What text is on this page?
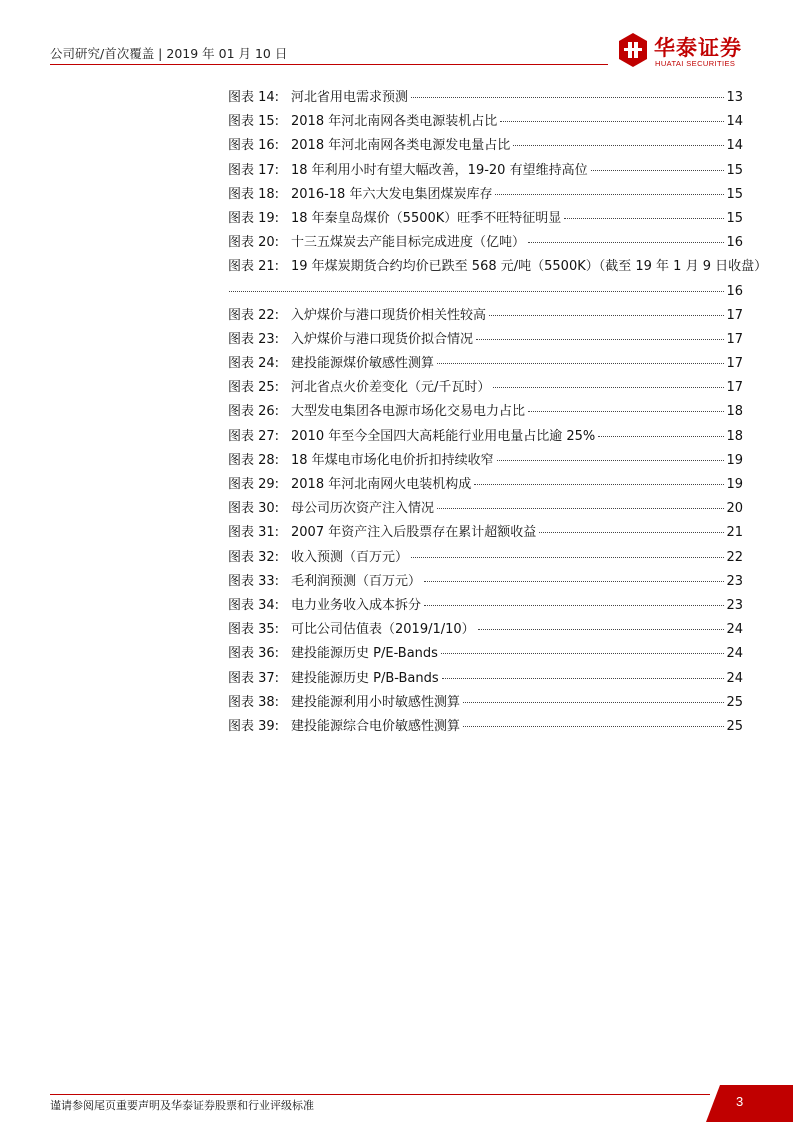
公司研究/首次覆盖 | 2019 年 01 月 10 日	华泰证券
HUATAI SECURITIES
图表 14: 河北省用电需求预测	13
图表 15: 2018 年河北南网各类电源装机占比	14
图表 16: 2018 年河北南网各类电源发电量占比	14
图表 17: 18 年利用小时有望大幅改善，19-20 有望维持高位	15
图表 18: 2016-18 年六大发电集团煤炭库存	15
图表 19: 18 年秦皇岛煤价（5500K）旺季不旺特征明显	15
图表 20: 十三五煤炭去产能目标完成进度（亿吨）	16
图表 21: 19 年煤炭期货合约均价已跌至 568 元/吨（5500K）（截至 19 年 1 月 9 日收盘）
16
图表 22: 入炉煤价与港口现货价相关性较高	17
图表 23: 入炉煤价与港口现货价拟合情况	17
图表 24: 建投能源煤价敏感性测算	17
图表 25: 河北省点火价差变化（元/千瓦时）	17
图表 26: 大型发电集团各电源市场化交易电力占比	18
图表 27: 2010 年至今全国四大高耗能行业用电量占比逾 25%	18
图表 28: 18 年煤电市场化电价折扣持续收窄	19
图表 29: 2018 年河北南网火电装机构成	19
图表 30: 母公司历次资产注入情况	20
图表 31: 2007 年资产注入后股票存在累计超额收益	21
图表 32: 收入预测（百万元）	22
图表 33: 毛利润预测（百万元）	23
图表 34: 电力业务收入成本拆分	23
图表 35: 可比公司估值表（2019/1/10）	24
图表 36: 建投能源历史 P/E-Bands	24
图表 37: 建投能源历史 P/B-Bands	24
图表 38: 建投能源利用小时敏感性测算	25
图表 39: 建投能源综合电价敏感性测算	25
谨请参阅尾页重要声明及华泰证券股票和行业评级标准	3
